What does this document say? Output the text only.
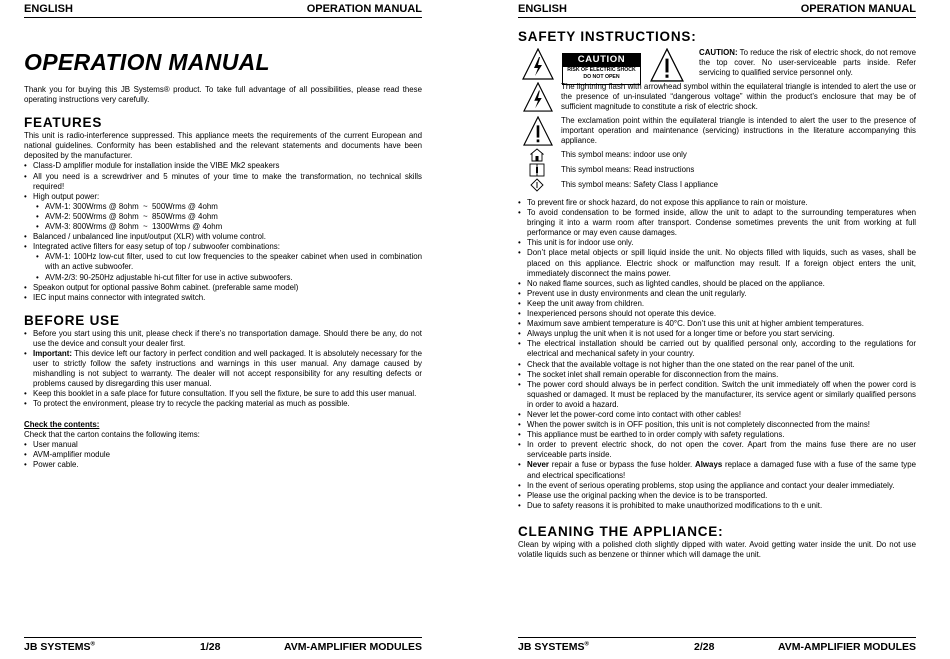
ENGLISH	OPERATION MANUAL
OPERATION MANUAL

Thank you for buying this JB Systems® product. To take full advantage of all possibilities, please read these operating instructions very carefully.

FEATURES

This unit is radio-interference suppressed. This appliance meets the requirements of the current European and national guidelines. Conformity has been established and the relevant statements and documents have been deposited by the manufacturer.

• Class-D amplifier module for installation inside the VIBE Mk2 speakers
• All you need is a screwdriver and 5 minutes of your time to make the transformation, no technical skills required!
• High output power:
• AVM-1: 300Wrms @ 8ohm  ~  500Wrms @ 4ohm
• AVM-2: 500Wrms @ 8ohm  ~  850Wrms @ 4ohm
• AVM-3: 800Wrms @ 8ohm  ~  1300Wrms @ 4ohm
• Balanced / unbalanced line input/output (XLR) with volume control.
• Integrated active filters for easy setup of top / subwoofer combinations:
• AVM-1: 100Hz low-cut filter, used to cut low frequencies to the speaker cabinet when used in combination with an active subwoofer.
• AVM-2/3: 90-250Hz adjustable hi-cut filter for use in active subwoofers.
• Speakon output for optional passive 8ohm cabinet. (preferable same model)
• IEC input mains connector with integrated switch.
BEFORE USE
• Before you start using this unit, please check if there’s no transportation damage. Should there be any, do not use the device and consult your dealer first.
• Important: This device left our factory in perfect condition and well packaged. It is absolutely necessary for the user to strictly follow the safety instructions and warnings in this user manual. Any damage caused by mishandling is not subject to warranty. The dealer will not accept responsibility for any resulting defects or problems caused by disregarding this user manual.
• Keep this booklet in a safe place for future consultation. If you sell the fixture, be sure to add this user manual.
• To protect the environment, please try to recycle the packing material as much as possible.

Check the contents:

Check that the carton contains the following items:

• User manual
• AVM-amplifier module
• Power cable.
JB SYSTEMS®	1/28	AVM-AMPLIFIER MODULES
ENGLISH	OPERATION MANUAL
SAFETY INSTRUCTIONS:
CAUTION
RISK OF ELECTRIC SHOCK
DO NOT OPEN
CAUTION: To reduce the risk of electric shock, do not remove the top cover. No user-serviceable parts inside. Refer servicing to qualified service personnel only.
The lightning flash with arrowhead symbol within the equilateral triangle is intended to alert the use or the presence of un-insulated “dangerous voltage” within the product’s enclosure that may be of sufficient magnitude to constitute a risk of electric shock.
The exclamation point within the equilateral triangle is intended to alert the user to the presence of important operation and maintenance (servicing) instructions in the literature accompanying this appliance.
This symbol means: indoor use only
This symbol means: Read instructions
This symbol means: Safety Class I appliance
• To prevent fire or shock hazard, do not expose this appliance to rain or moisture.
• To avoid condensation to be formed inside, allow the unit to adapt to the surrounding temperatures when bringing it into a warm room after transport. Condense sometimes prevents the unit from working at full performance or may even cause damages.
• This unit is for indoor use only.
• Don’t place metal objects or spill liquid inside the unit. No objects filled with liquids, such as vases, shall be placed on this appliance. Electric shock or malfunction may result. If a foreign object enters the unit, immediately disconnect the mains power.
• No naked flame sources, such as lighted candles, should be placed on the appliance.
• Prevent use in dusty environments and clean the unit regularly.
• Keep the unit away from children.
• Inexperienced persons should not operate this device.
• Maximum save ambient temperature is 40°C. Don’t use this unit at higher ambient temperatures.
• Always unplug the unit when it is not used for a longer time or before you start servicing.
• The electrical installation should be carried out by qualified personal only, according to the regulations for electrical and mechanical safety in your country.
• Check that the available voltage is not higher than the one stated on the rear panel of the unit.
• The socket inlet shall remain operable for disconnection from the mains.
• The power cord should always be in perfect condition. Switch the unit immediately off when the power cord is squashed or damaged. It must be replaced by the manufacturer, its service agent or similarly qualified persons in order to avoid a hazard.
• Never let the power-cord come into contact with other cables!
• When the power switch is in OFF position, this unit is not completely disconnected from the mains!
• This appliance must be earthed to in order comply with safety regulations.
• In order to prevent electric shock, do not open the cover. Apart from the mains fuse there are no user serviceable parts inside.
• Never repair a fuse or bypass the fuse holder. Always replace a damaged fuse with a fuse of the same type and electrical specifications!
• In the event of serious operating problems, stop using the appliance and contact your dealer immediately.
• Please use the original packing when the device is to be transported.
• Due to safety reasons it is prohibited to make unauthorized modifications to th e unit.
CLEANING THE APPLIANCE:

Clean by wiping with a polished cloth slightly dipped with water. Avoid getting water inside the unit. Do not use volatile liquids such as benzene or thinner which will damage the unit.

JB SYSTEMS®	2/28	AVM-AMPLIFIER MODULES
